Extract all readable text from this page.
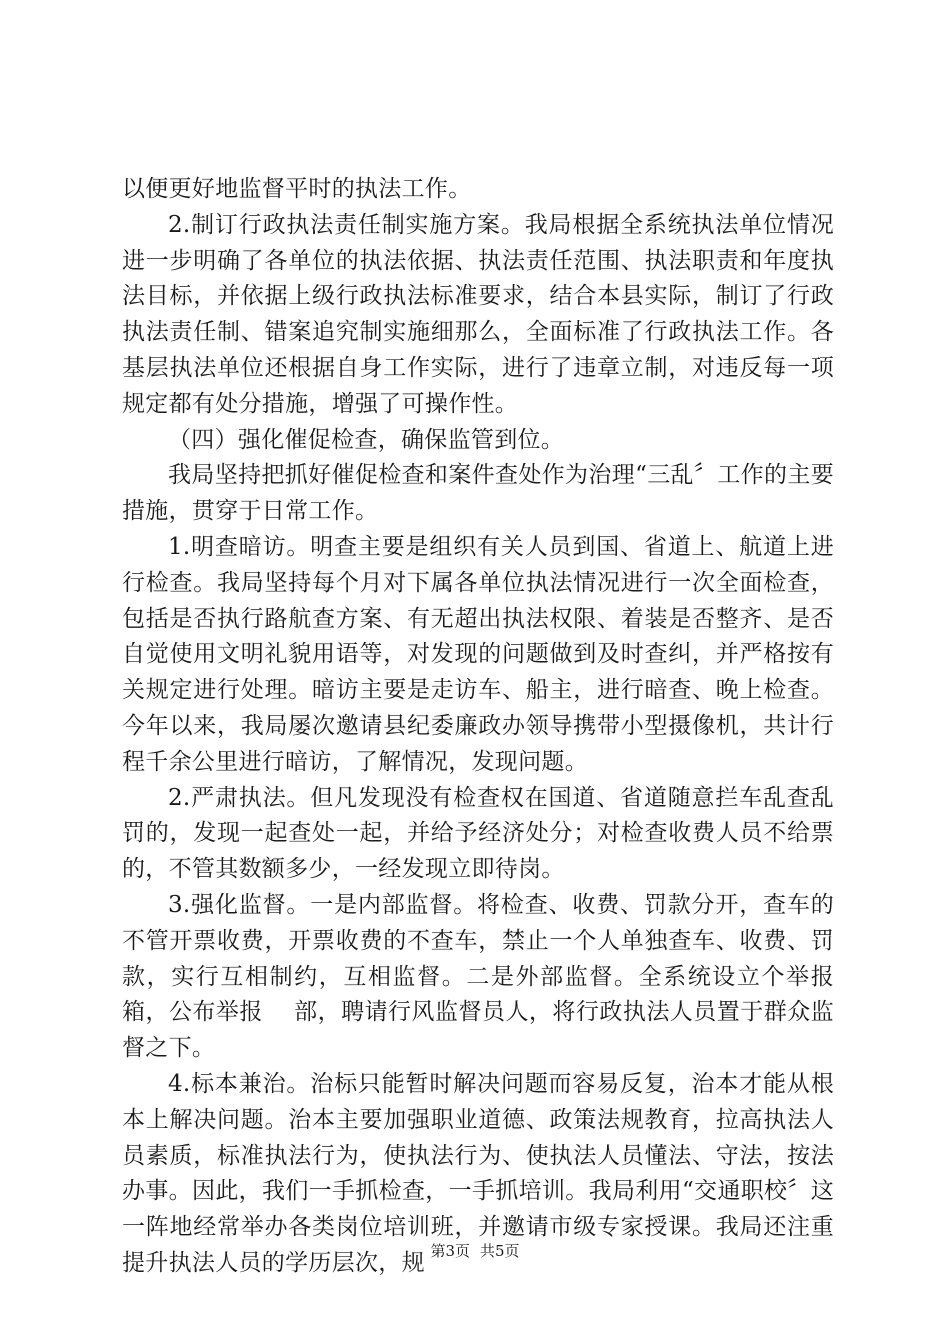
以便更好地监督平时的执法工作。

2.制订行政执法责任制实施方案。我局根据全系统执法单位情况进一步明确了各单位的执法依据、执法责任范围、执法职责和年度执法目标，并依据上级行政执法标准要求，结合本县实际，制订了行政执法责任制、错案追究制实施细那么，全面标准了行政执法工作。各基层执法单位还根据自身工作实际，进行了违章立制，对违反每一项规定都有处分措施，增强了可操作性。

（四）强化催促检查，确保监管到位。

我局坚持把抓好催促检查和案件查处作为治理“三乱〞工作的主要措施，贯穿于日常工作。

1.明查暗访。明查主要是组织有关人员到国、省道上、航道上进行检查。我局坚持每个月对下属各单位执法情况进行一次全面检查，包括是否执行路航查方案、有无超出执法权限、着装是否整齐、是否自觉使用文明礼貌用语等，对发现的问题做到及时查纠，并严格按有关规定进行处理。暗访主要是走访车、船主，进行暗查、晚上检查。今年以来，我局屡次邀请县纪委廉政办领导携带小型摄像机，共计行程千余公里进行暗访，了解情况，发现问题。

2.严肃执法。但凡发现没有检查权在国道、省道随意拦车乱查乱罚的，发现一起查处一起，并给予经济处分；对检查收费人员不给票的，不管其数额多少，一经发现立即待岗。

3.强化监督。一是内部监督。将检查、收费、罚款分开，查车的不管开票收费，开票收费的不查车，禁止一个人单独查车、收费、罚款，实行互相制约，互相监督。二是外部监督。全系统设立个举报箱，公布举报　 部，聘请行风监督员人，将行政执法人员置于群众监督之下。

4.标本兼治。治标只能暂时解决问题而容易反复，治本才能从根本上解决问题。治本主要加强职业道德、政策法规教育，拉高执法人员素质，标准执法行为，使执法行为、使执法人员懂法、守法，按法办事。因此，我们一手抓检查，一手抓培训。我局利用“交通职校〞这一阵地经常举办各类岗位培训班，并邀请市级专家授课。我局还注重提升执法人员的学历层次，规 第3页 共5页
